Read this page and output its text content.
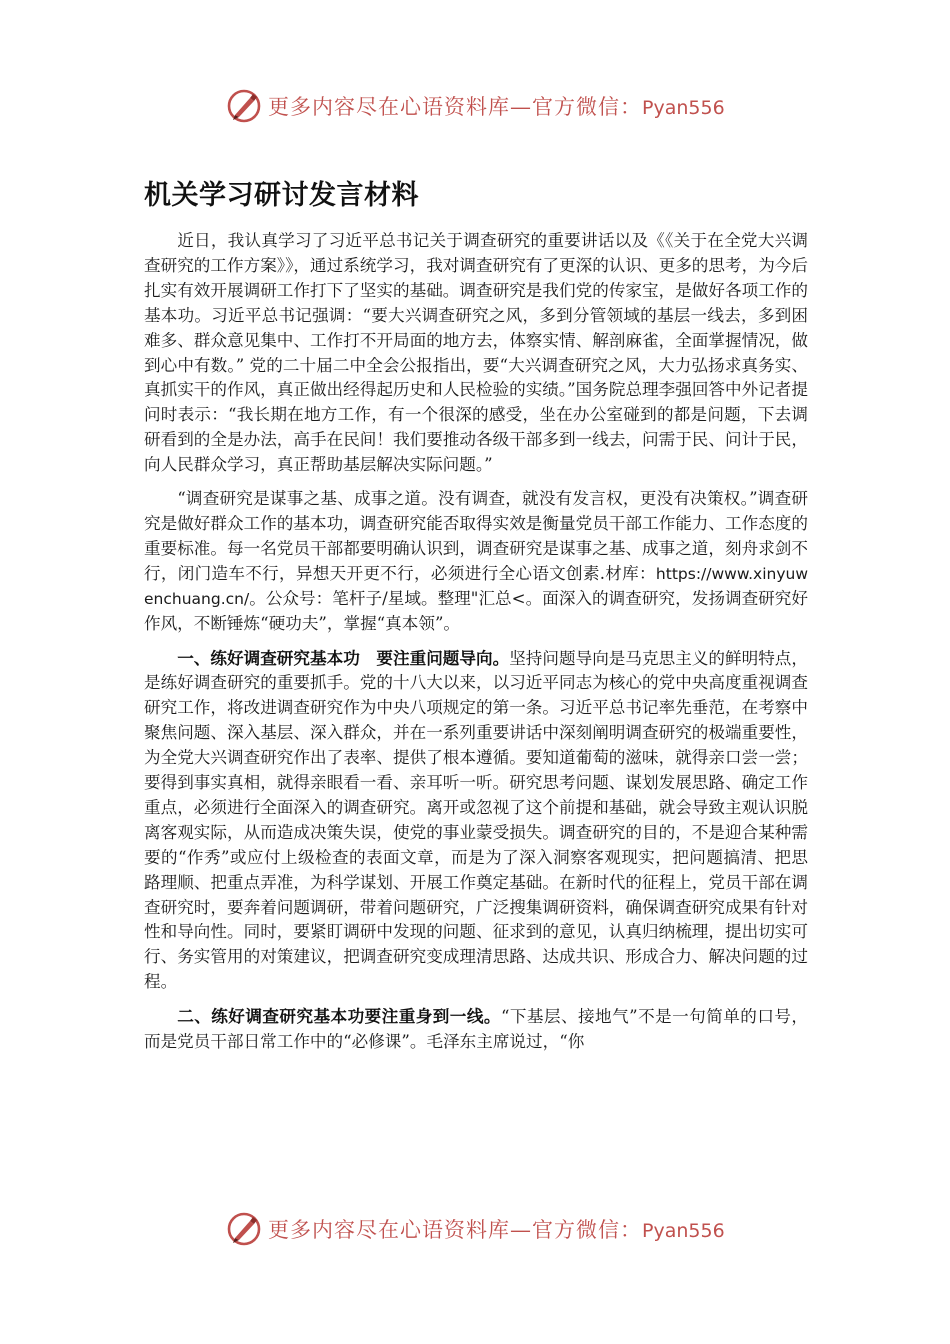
更多内容尽在心语资料库—官方微信：Pyan556
机关学习研讨发言材料

近日，我认真学习了习近平总书记关于调查研究的重要讲话以及《《关于在全党大兴调查研究的工作方案》》，通过系统学习，我对调查研究有了更深的认识、更多的思考，为今后扎实有效开展调研工作打下了坚实的基础。调查研究是我们党的传家宝，是做好各项工作的基本功。习近平总书记强调：“要大兴调查研究之风，多到分管领域的基层一线去，多到困难多、群众意见集中、工作打不开局面的地方去，体察实情、解剖麻雀，全面掌握情况，做到心中有数。” 党的二十届二中全会公报指出，要“大兴调查研究之风，大力弘扬求真务实、真抓实干的作风，真正做出经得起历史和人民检验的实绩。”国务院总理李强回答中外记者提问时表示：“我长期在地方工作，有一个很深的感受，坐在办公室碰到的都是问题，下去调研看到的全是办法，高手在民间！我们要推动各级干部多到一线去，问需于民、问计于民，向人民群众学习，真正帮助基层解决实际问题。”

“调查研究是谋事之基、成事之道。没有调查，就没有发言权，更没有决策权。”调查研究是做好群众工作的基本功，调查研究能否取得实效是衡量党员干部工作能力、工作态度的重要标准。每一名党员干部都要明确认识到，调查研究是谋事之基、成事之道，刻舟求剑不行，闭门造车不行，异想天开更不行，必须进行全心语文创素.材库：https://www.xinyuwenchuang.cn/。公众号：笔杆子/星域。整理"汇总<。面深入的调查研究，发扬调查研究好作风，不断锤炼“硬功夫”，掌握“真本领”。

一、练好调查研究基本功　要注重问题导向。坚持问题导向是马克思主义的鲜明特点，是练好调查研究的重要抓手。党的十八大以来，以习近平同志为核心的党中央高度重视调查研究工作，将改进调查研究作为中央八项规定的第一条。习近平总书记率先垂范，在考察中聚焦问题、深入基层、深入群众，并在一系列重要讲话中深刻阐明调查研究的极端重要性，为全党大兴调查研究作出了表率、提供了根本遵循。要知道葡萄的滋味，就得亲口尝一尝；要得到事实真相，就得亲眼看一看、亲耳听一听。研究思考问题、谋划发展思路、确定工作重点，必须进行全面深入的调查研究。离开或忽视了这个前提和基础，就会导致主观认识脱离客观实际，从而造成决策失误，使党的事业蒙受损失。调查研究的目的，不是迎合某种需要的“作秀”或应付上级检查的表面文章，而是为了深入洞察客观现实，把问题搞清、把思路理顺、把重点弄准，为科学谋划、开展工作奠定基础。在新时代的征程上，党员干部在调查研究时，要奔着问题调研，带着问题研究，广泛搜集调研资料，确保调查研究成果有针对性和导向性。同时，要紧盯调研中发现的问题、征求到的意见，认真归纳梳理，提出切实可行、务实管用的对策建议，把调查研究变成理清思路、达成共识、形成合力、解决问题的过程。

二、练好调查研究基本功要注重身到一线。“下基层、接地气”不是一句简单的口号，而是党员干部日常工作中的“必修课”。毛泽东主席说过，“你

更多内容尽在心语资料库—官方微信：Pyan556
